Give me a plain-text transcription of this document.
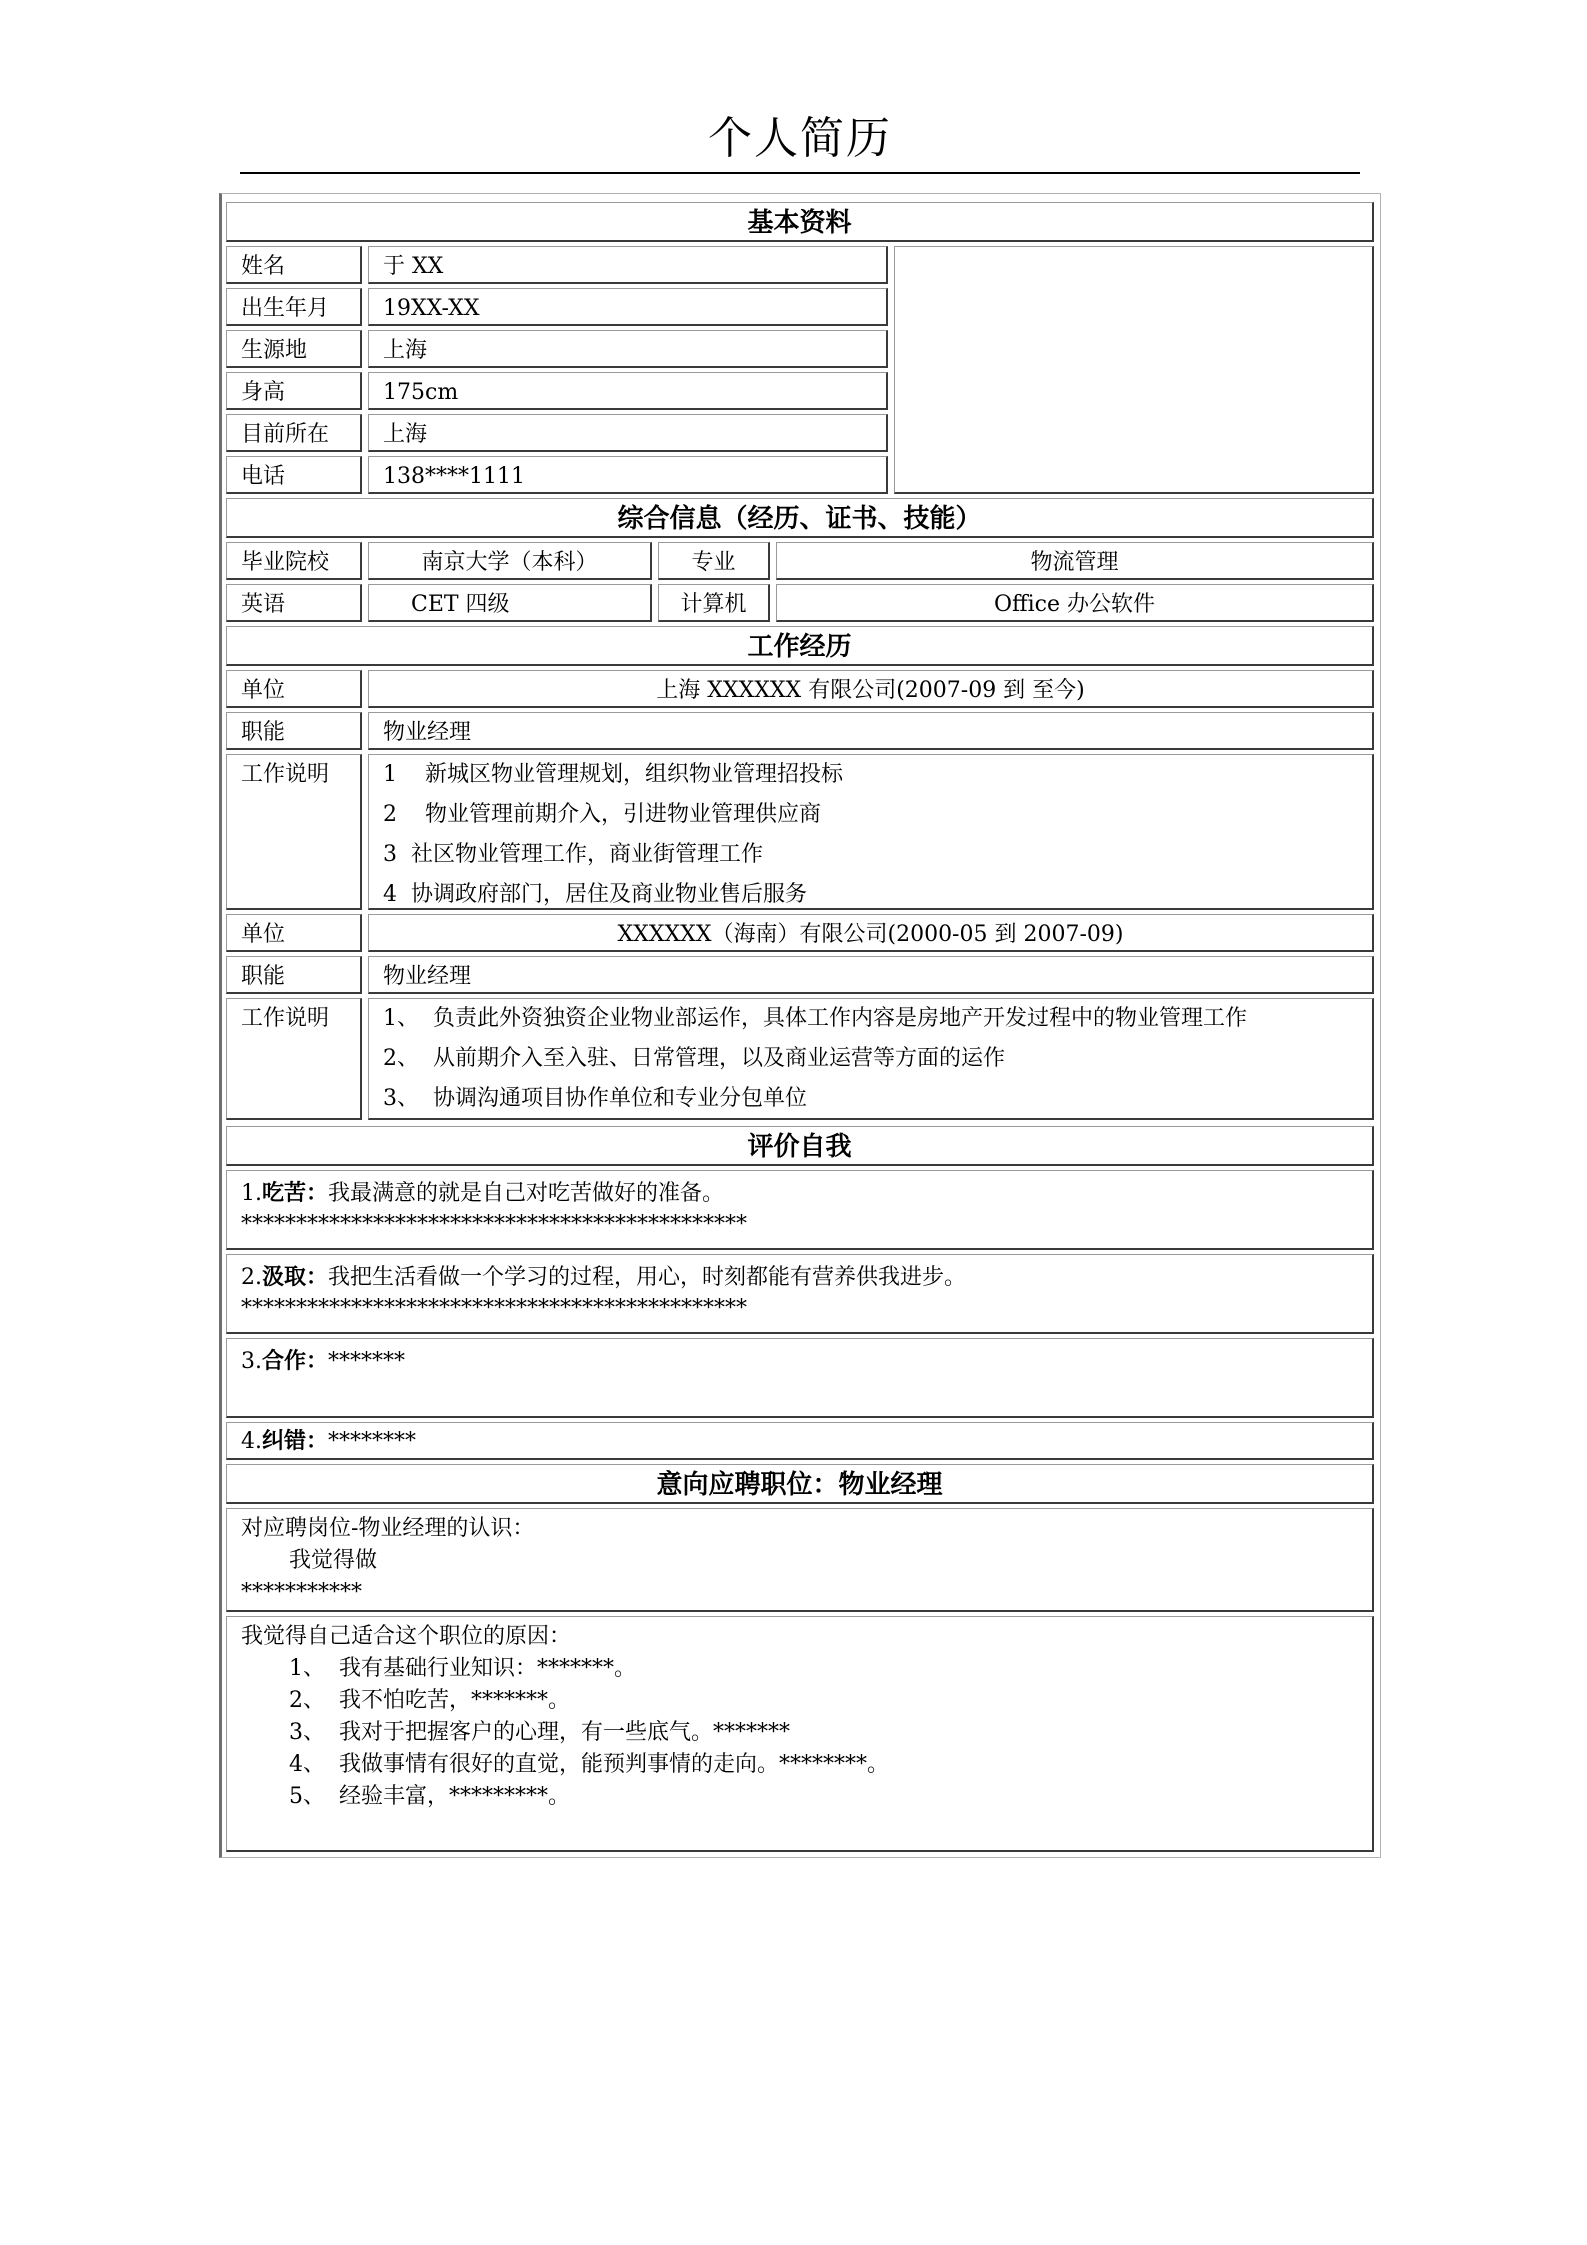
个人简历
基本资料
姓名	于 XX
出生年月	19XX-XX
生源地	上海
身高	175cm
目前所在	上海
电话	138****1111
综合信息（经历、证书、技能）
毕业院校	南京大学（本科）	专业	物流管理
英语	CET 四级	计算机	Office 办公软件
工作经历
单位	上海 XXXXXX 有限公司(2007-09 到 至今)
职能	物业经理
工作说明	1    新城区物业管理规划，组织物业管理招投标
2    物业管理前期介入，引进物业管理供应商
3  社区物业管理工作，商业街管理工作
4  协调政府部门，居住及商业物业售后服务
单位	XXXXXX（海南）有限公司(2000-05 到 2007-09)
职能	物业经理
工作说明	1、  负责此外资独资企业物业部运作，具体工作内容是房地产开发过程中的物业管理工作
2、  从前期介入至入驻、日常管理，以及商业运营等方面的运作
3、  协调沟通项目协作单位和专业分包单位
评价自我
1.吃苦：我最满意的就是自己对吃苦做好的准备。
**********************************************
2.汲取：我把生活看做一个学习的过程，用心，时刻都能有营养供我进步。
**********************************************
3.合作：*******
4.纠错：********
意向应聘职位：物业经理
对应聘岗位-物业经理的认识：
我觉得做
***********
我觉得自己适合这个职位的原因：
1、  我有基础行业知识：*******。
2、  我不怕吃苦，*******。
3、  我对于把握客户的心理，有一些底气。*******
4、  我做事情有很好的直觉，能预判事情的走向。********。
5、  经验丰富，*********。
